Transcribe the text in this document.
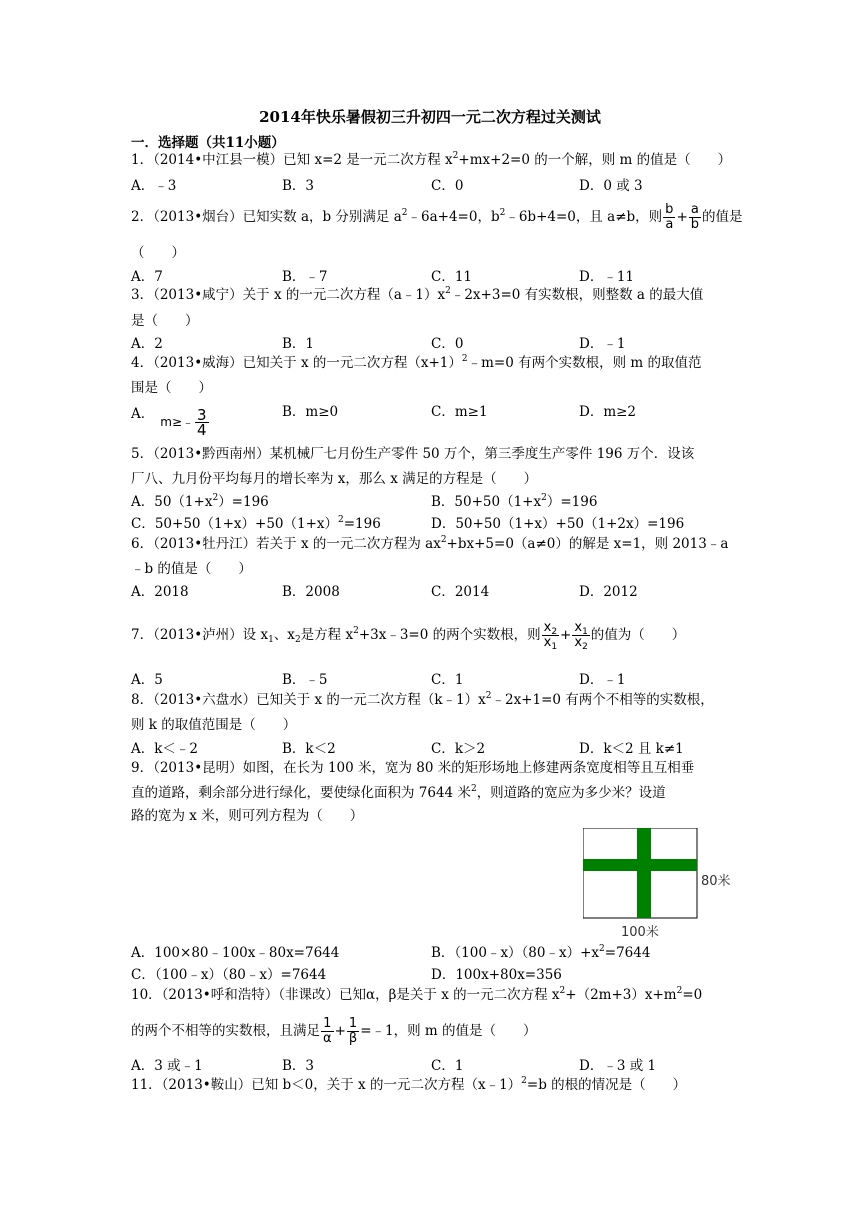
2014年快乐暑假初三升初四一元二次方程过关测试
一．选择题（共11小题）
1．（2014•中江县一模）已知 x=2 是一元二次方程 $x^2+mx+2=0$ 的一个解，则 m 的值是（　　）
A．﹣3	B．3	C．0	D．0 或 3
2．（2013•烟台）已知实数 a，b 分别满足 $a^2﹣6a+4=0$，$b^2﹣6b+4=0$，且 a≠b，则 $\frac{b}{a} + \frac{a}{b}$ 的值是
（　　）
A．7	B．﹣7	C．11	D．﹣11
3．（2013•咸宁）关于 x 的一元二次方程$(a﹣1)x^2﹣2x+3=0$ 有实数根，则整数 a 的最大值
是（　　）
A．2	B．1	C．0	D．﹣1
4．（2013•威海）已知关于 x 的一元二次方程$(x+1)^2﹣m=0$ 有两个实数根，则 m 的取值范
围是（　　）
A． m≥﹣ $\frac{3}{4}$	B．m≥0	C．m≥1	D．m≥2
5．（2013•黔西南州）某机械厂七月份生产零件 50 万个，第三季度生产零件 196 万个．设该
厂八、九月份平均每月的增长率为 x，那么 x 满足的方程是（　　）
A．$50(1+x^2)=196$	B．$50+50(1+x^2)=196$
C．$50+50(1+x)+50(1+x)^2=196$	D．50+50（1+x）+50（1+2x）=196
6．（2013•牡丹江）若关于 x 的一元二次方程为 $ax^2+bx+5=0(a\ne 0)$的解是 x=1，则 2013﹣a
﹣b 的值是（　　）
A．2018	B．2008	C．2014	D．2012
7．（2013•泸州）设 $x_1$、$x_2$是方程 $x^2+3x﹣3=0$ 的两个实数根，则 $\frac{x_2}{x_1} + \frac{x_1}{x_2}$ 的值为（　　）
A．5	B．﹣5	C．1	D．﹣1
8．（2013•六盘水）已知关于 x 的一元二次方程$(k﹣1)x^2﹣2x+1=0$ 有两个不相等的实数根，
则 k 的取值范围是（　　）
A．k＜﹣2	B．k＜2	C．k＞2	D．k＜2 且 k≠1
9．（2013•昆明）如图，在长为 100 米，宽为 80 米的矩形场地上修建两条宽度相等且互相垂
直的道路，剩余部分进行绿化，要使绿化面积为 7644 米$^2$，则道路的宽应为多少米？设道
路的宽为 x 米，则可列方程为（　　）
80米
100米
A．100×80﹣100x﹣80x=7644	B．$(100﹣x)(80﹣x)+x^2=7644$
C．（100﹣x）（80﹣x）=7644	D．100x+80x=356
10．（2013•呼和浩特）（非课改）已知α，β是关于 x 的一元二次方程 $x^2+(2m+3)x+m^2=0$
的两个不相等的实数根，且满足 $\frac{1}{\alpha} + \frac{1}{\beta}$ =﹣1，则 m 的值是（　　）
A．3 或﹣1	B．3	C．1	D．﹣3 或 1
11．（2013•鞍山）已知 b＜0，关于 x 的一元二次方程（x﹣1）$^2$=b 的根的情况是（　　）
